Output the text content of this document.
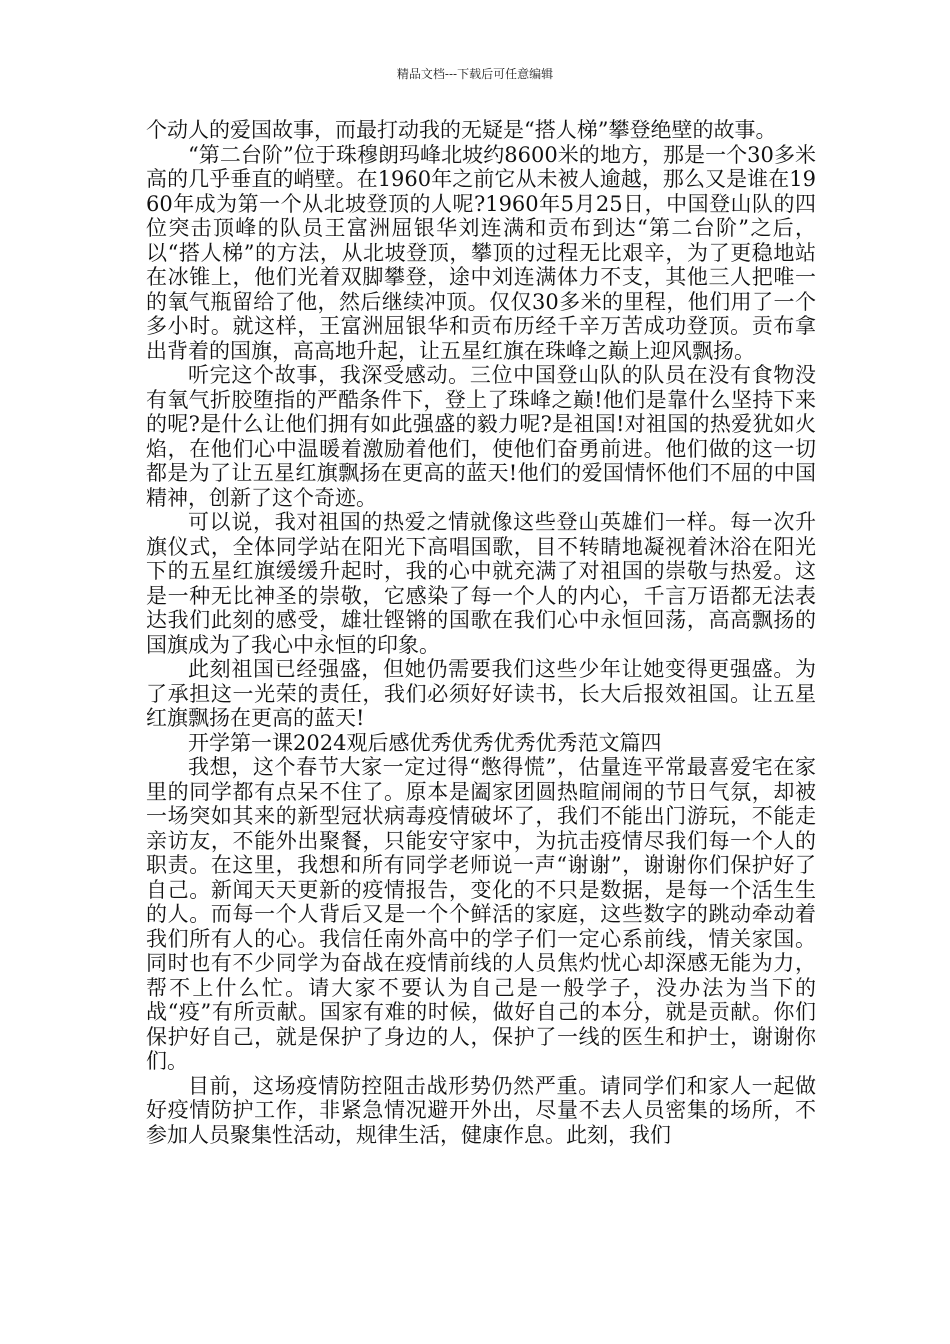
精品文档---下载后可任意编辑

个动人的爱国故事，而最打动我的无疑是“搭人梯”攀登绝壁的故事。

“第二台阶”位于珠穆朗玛峰北坡约8600米的地方，那是一个30多米高的几乎垂直的峭壁。在1960年之前它从未被人逾越，那么又是谁在1960年成为第一个从北坡登顶的人呢?1960年5月25日，中国登山队的四位突击顶峰的队员王富洲屈银华刘连满和贡布到达“第二台阶”之后，以“搭人梯”的方法，从北坡登顶，攀顶的过程无比艰辛，为了更稳地站在冰锥上，他们光着双脚攀登，途中刘连满体力不支，其他三人把唯一的氧气瓶留给了他，然后继续冲顶。仅仅30多米的里程，他们用了一个多小时。就这样，王富洲屈银华和贡布历经千辛万苦成功登顶。贡布拿出背着的国旗，高高地升起，让五星红旗在珠峰之巅上迎风飘扬。

听完这个故事，我深受感动。三位中国登山队的队员在没有食物没有氧气折胶堕指的严酷条件下，登上了珠峰之巅!他们是靠什么坚持下来的呢?是什么让他们拥有如此强盛的毅力呢?是祖国!对祖国的热爱犹如火焰，在他们心中温暖着激励着他们，使他们奋勇前进。他们做的这一切都是为了让五星红旗飘扬在更高的蓝天!他们的爱国情怀他们不屈的中国精神，创新了这个奇迹。

可以说，我对祖国的热爱之情就像这些登山英雄们一样。每一次升旗仪式，全体同学站在阳光下高唱国歌，目不转睛地凝视着沐浴在阳光下的五星红旗缓缓升起时，我的心中就充满了对祖国的崇敬与热爱。这是一种无比神圣的崇敬，它感染了每一个人的内心，千言万语都无法表达我们此刻的感受，雄壮铿锵的国歌在我们心中永恒回荡，高高飘扬的国旗成为了我心中永恒的印象。

此刻祖国已经强盛，但她仍需要我们这些少年让她变得更强盛。为了承担这一光荣的责任，我们必须好好读书，长大后报效祖国。让五星红旗飘扬在更高的蓝天!

开学第一课2024观后感优秀优秀优秀优秀范文篇四

我想，这个春节大家一定过得“憋得慌”，估量连平常最喜爱宅在家里的同学都有点呆不住了。原本是阖家团圆热暄闹闹的节日气氛，却被一场突如其来的新型冠状病毒疫情破坏了，我们不能出门游玩，不能走亲访友，不能外出聚餐，只能安守家中，为抗击疫情尽我们每一个人的职责。在这里，我想和所有同学老师说一声“谢谢”，谢谢你们保护好了自己。新闻天天更新的疫情报告，变化的不只是数据，是每一个活生生的人。而每一个人背后又是一个个鲜活的家庭，这些数字的跳动牵动着我们所有人的心。我信任南外高中的学子们一定心系前线，情关家国。同时也有不少同学为奋战在疫情前线的人员焦灼忧心却深感无能为力，帮不上什么忙。请大家不要认为自己是一般学子，没办法为当下的战“疫”有所贡献。国家有难的时候，做好自己的本分，就是贡献。你们保护好自己，就是保护了身边的人，保护了一线的医生和护士，谢谢你们。

目前，这场疫情防控阻击战形势仍然严重。请同学们和家人一起做好疫情防护工作，非紧急情况避开外出，尽量不去人员密集的场所，不参加人员聚集性活动，规律生活，健康作息。此刻，我们
